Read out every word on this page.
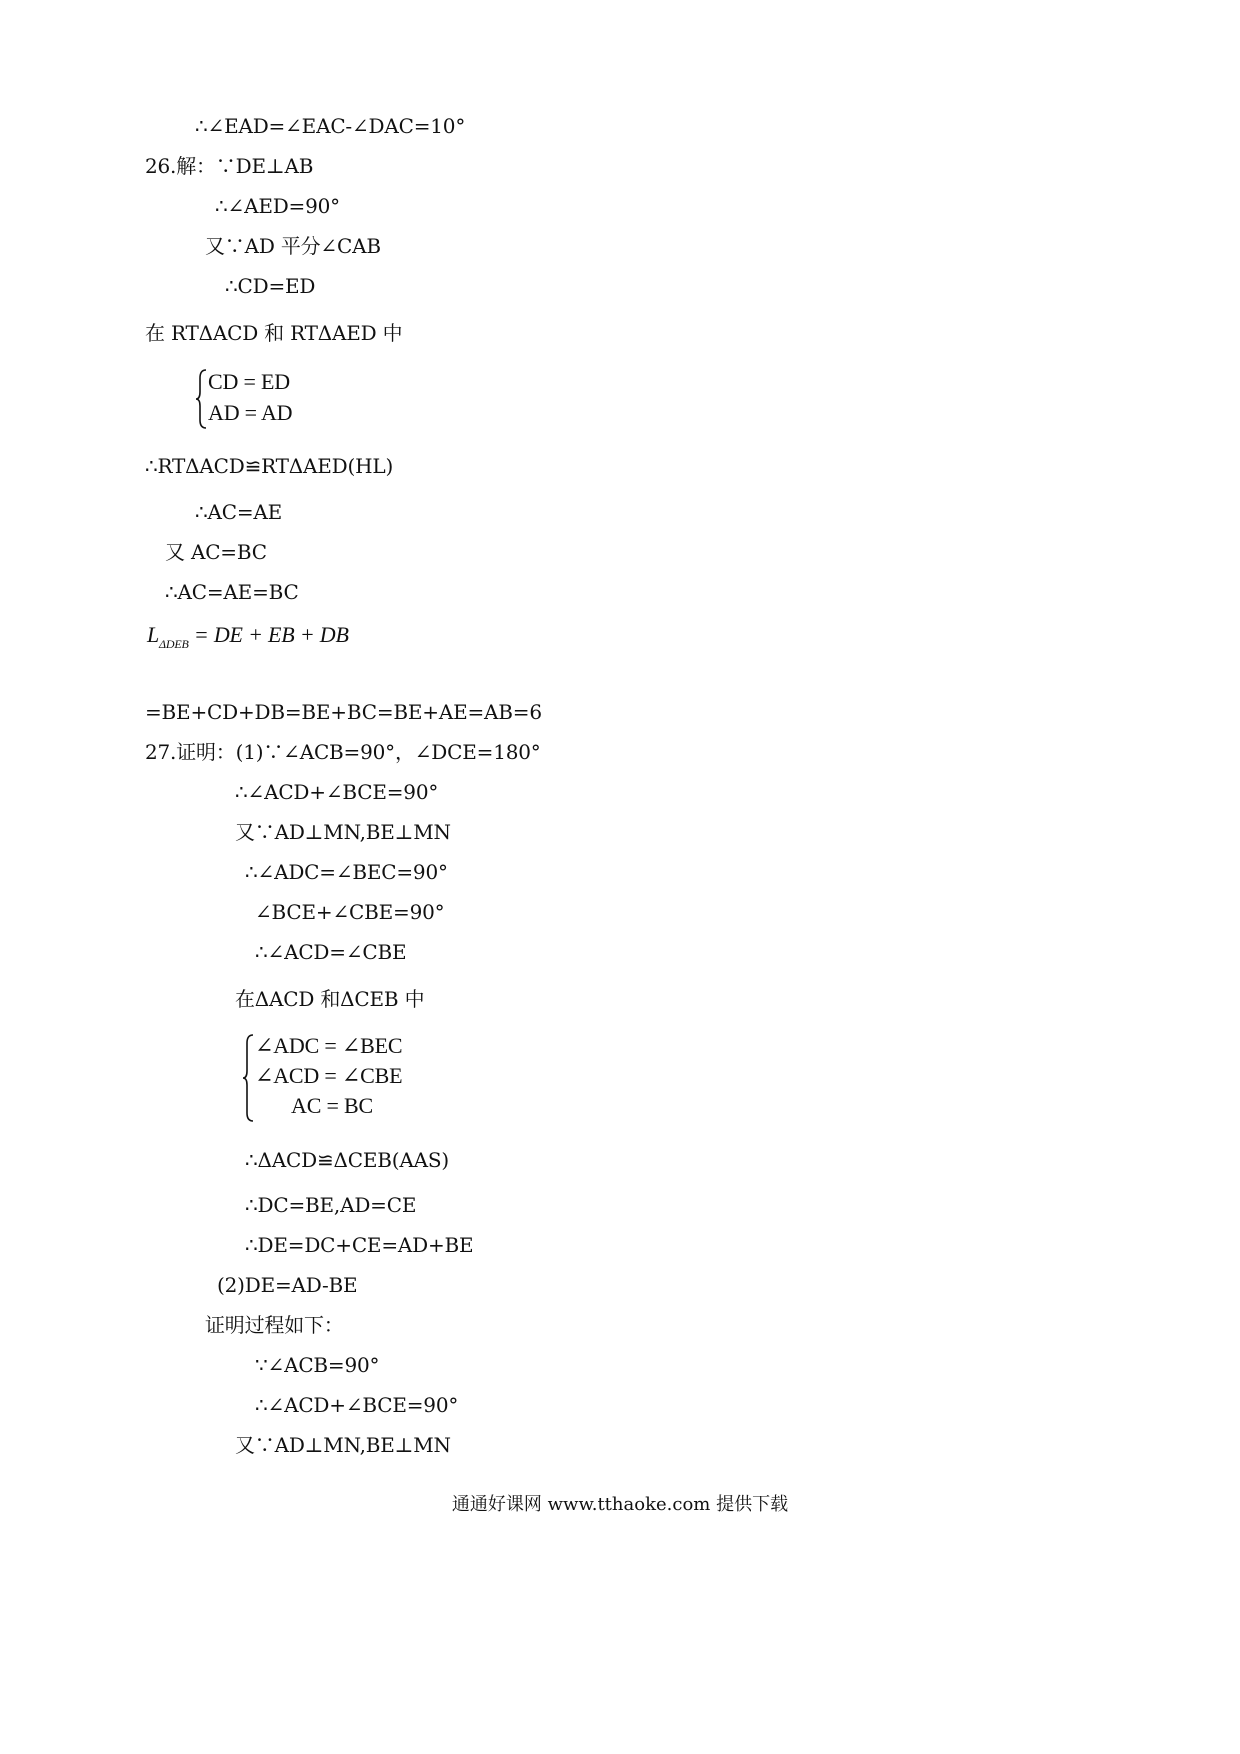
∴∠EAD=∠EAC-∠DAC=10°
26.解：∵DE⊥AB
∴∠AED=90°
又∵AD 平分∠CAB
∴CD=ED
在 RTΔACD 和 RTΔAED 中
CD = ED
AD = AD
∴RTΔACD≌RTΔAED(HL)
∴AC=AE
又 AC=BC
∴AC=AE=BC
$L_{\Delta DEB}$ = DE + EB + DB
=BE+CD+DB=BE+BC=BE+AE=AB=6
27.证明：(1)∵∠ACB=90°，∠DCE=180°
∴∠ACD+∠BCE=90°
又∵AD⊥MN,BE⊥MN
∴∠ADC=∠BEC=90°
∠BCE+∠CBE=90°
∴∠ACD=∠CBE
在ΔACD 和ΔCEB 中
∠ADC = ∠BEC
∠ACD = ∠CBE
AC = BC
∴ΔACD≌ΔCEB(AAS)
∴DC=BE,AD=CE
∴DE=DC+CE=AD+BE
(2)DE=AD-BE
证明过程如下：
∵∠ACB=90°
∴∠ACD+∠BCE=90°
又∵AD⊥MN,BE⊥MN
通通好课网 www.tthaoke.com 提供下载
